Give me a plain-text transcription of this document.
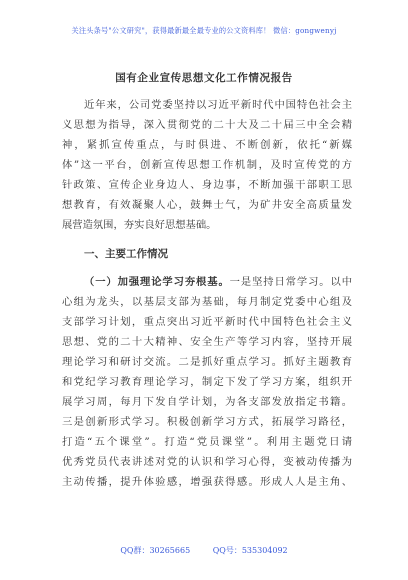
关注头条号"公文研究"，获得最新最全最专业的公文资料库！ 微信：gongwenyj
国有企业宣传思想文化工作情况报告
近年来，公司党委坚持以习近平新时代中国特色社会主
义思想为指导，深入贯彻党的二十大及二十届三中全会精
神，紧抓宣传重点，与时俱进、不断创新，依托“新媒
体”这一平台，创新宣传思想工作机制，及时宣传党的方
针政策、宣传企业身边人、身边事，不断加强干部职工思
想教育，有效凝聚人心，鼓舞士气，为矿井安全高质量发
展营造氛围，夯实良好思想基础。
一、主要工作情况
（一）加强理论学习夯根基。一是坚持日常学习。以中
心组为龙头，以基层支部为基础，每月制定党委中心组及
支部学习计划，重点突出习近平新时代中国特色社会主义
思想、党的二十大精神、安全生产等学习内容，坚持开展
理论学习和研讨交流。二是抓好重点学习。抓好主题教育
和党纪学习教育理论学习，制定下发了学习方案，组织开
展学习周，每月下发自学计划，为各支部发放指定书籍。
三是创新形式学习。积极创新学习方式，拓展学习路径，
打造“五个课堂”。打造“党员课堂”。利用主题党日请
优秀党员代表讲述对党的认识和学习心得，变被动传播为
主动传播，提升体验感，增强获得感。形成人人是主角、
QQ群：30265665	QQ号：535304092
